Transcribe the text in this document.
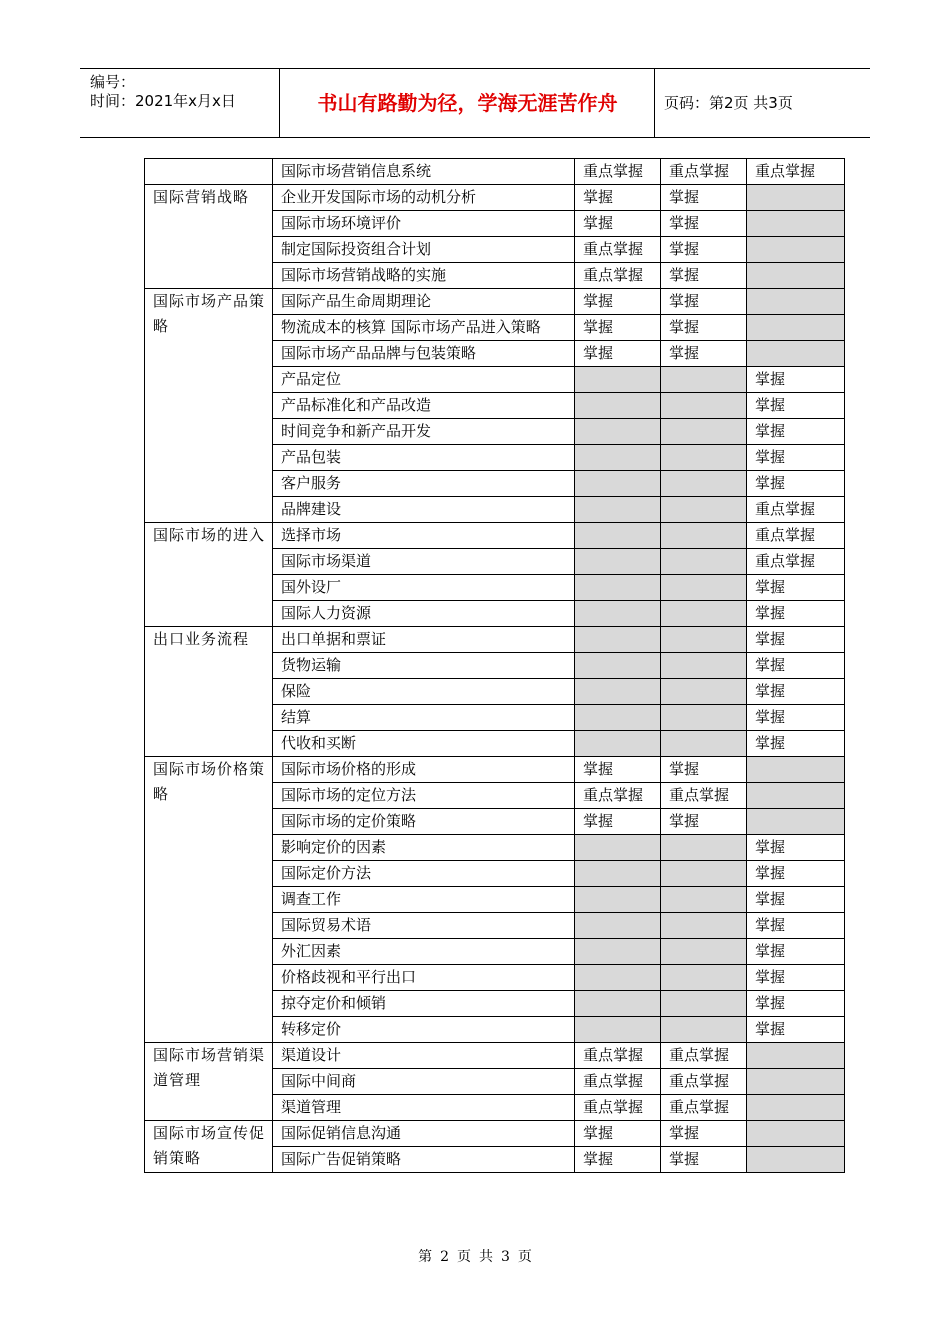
编号：
时间：2021年x月x日	书山有路勤为径，学海无涯苦作舟	页码：第2页 共3页
	国际市场营销信息系统	重点掌握	重点掌握	重点掌握
国际营销战略	企业开发国际市场的动机分析	掌握	掌握	
	国际市场环境评价	掌握	掌握	
	制定国际投资组合计划	重点掌握	掌握	
	国际市场营销战略的实施	重点掌握	掌握	
国际市场产品策略	国际产品生命周期理论	掌握	掌握	
	物流成本的核算 国际市场产品进入策略	掌握	掌握	
	国际市场产品品牌与包装策略	掌握	掌握	
	产品定位			掌握
	产品标准化和产品改造			掌握
	时间竞争和新产品开发			掌握
	产品包装			掌握
	客户服务			掌握
	品牌建设			重点掌握
国际市场的进入	选择市场			重点掌握
	国际市场渠道			重点掌握
	国外设厂			掌握
	国际人力资源			掌握
出口业务流程	出口单据和票证			掌握
	货物运输			掌握
	保险			掌握
	结算			掌握
	代收和买断			掌握
国际市场价格策略	国际市场价格的形成	掌握	掌握	
	国际市场的定位方法	重点掌握	重点掌握	
	国际市场的定价策略	掌握	掌握	
	影响定价的因素			掌握
	国际定价方法			掌握
	调查工作			掌握
	国际贸易术语			掌握
	外汇因素			掌握
	价格歧视和平行出口			掌握
	掠夺定价和倾销			掌握
	转移定价			掌握
国际市场营销渠道管理	渠道设计	重点掌握	重点掌握	
	国际中间商	重点掌握	重点掌握	
	渠道管理	重点掌握	重点掌握	
国际市场宣传促销策略	国际促销信息沟通	掌握	掌握	
	国际广告促销策略	掌握	掌握	
第 2 页 共 3 页
